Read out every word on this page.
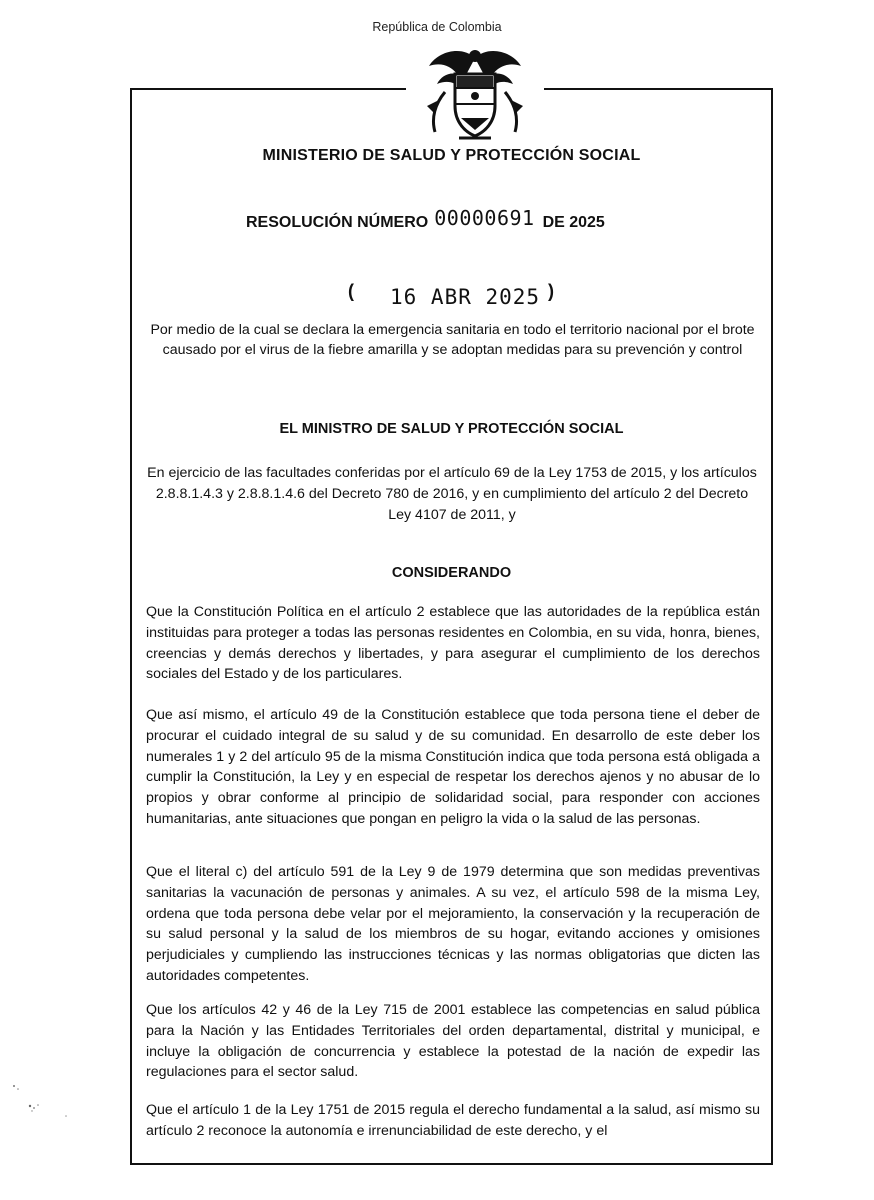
República de Colombia
MINISTERIO DE SALUD Y PROTECCIÓN SOCIAL
RESOLUCIÓN NÚMERO 00000691 DE 2025
( 16 ABR 2025 )
Por medio de la cual se declara la emergencia sanitaria en todo el territorio nacional por el brote causado por el virus de la fiebre amarilla y se adoptan medidas para su prevención y control
EL MINISTRO DE SALUD Y PROTECCIÓN SOCIAL
En ejercicio de las facultades conferidas por el artículo 69 de la Ley 1753 de 2015, y los artículos 2.8.8.1.4.3 y 2.8.8.1.4.6 del Decreto 780 de 2016, y en cumplimiento del artículo 2 del Decreto Ley 4107 de 2011, y
CONSIDERANDO
Que la Constitución Política en el artículo 2 establece que las autoridades de la república están instituidas para proteger a todas las personas residentes en Colombia, en su vida, honra, bienes, creencias y demás derechos y libertades, y para asegurar el cumplimiento de los derechos sociales del Estado y de los particulares.
Que así mismo, el artículo 49 de la Constitución establece que toda persona tiene el deber de procurar el cuidado integral de su salud y de su comunidad. En desarrollo de este deber los numerales 1 y 2 del artículo 95 de la misma Constitución indica que toda persona está obligada a cumplir la Constitución, la Ley y en especial de respetar los derechos ajenos y no abusar de lo propios y obrar conforme al principio de solidaridad social, para responder con acciones humanitarias, ante situaciones que pongan en peligro la vida o la salud de las personas.
Que el literal c) del artículo 591 de la Ley 9 de 1979 determina que son medidas preventivas sanitarias la vacunación de personas y animales. A su vez, el artículo 598 de la misma Ley, ordena que toda persona debe velar por el mejoramiento, la conservación y la recuperación de su salud personal y la salud de los miembros de su hogar, evitando acciones y omisiones perjudiciales y cumpliendo las instrucciones técnicas y las normas obligatorias que dicten las autoridades competentes.
Que los artículos 42 y 46 de la Ley 715 de 2001 establece las competencias en salud pública para la Nación y las Entidades Territoriales del orden departamental, distrital y municipal, e incluye la obligación de concurrencia y establece la potestad de la nación de expedir las regulaciones para el sector salud.
Que el artículo 1 de la Ley 1751 de 2015 regula el derecho fundamental a la salud, así mismo su artículo 2 reconoce la autonomía e irrenunciabilidad de este derecho, y el
